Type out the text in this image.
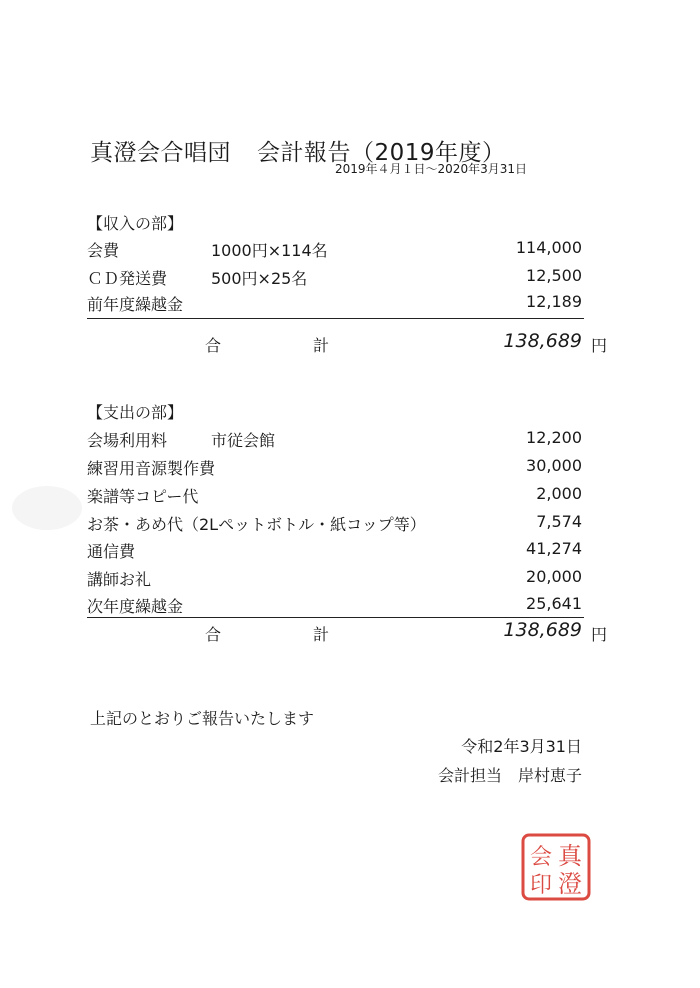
真澄会合唱団 会計報告（2019年度）
2019年４月１日～2020年3月31日
【収入の部】
会費	1000円×114名	114,000
ＣＤ発送費	500円×25名	12,500
前年度繰越金	12,189
合	計	138,689 円
【支出の部】
会場利用料	市従会館	12,200
練習用音源製作費	30,000
楽譜等コピー代	2,000
お茶・あめ代（2Lペットボトル・紙コップ等）	7,574
通信費	41,274
講師お礼	20,000
次年度繰越金	25,641
合	計	138,689 円
上記のとおりご報告いたします
令和2年3月31日
会計担当　岸村恵子
真
澄
会
印
